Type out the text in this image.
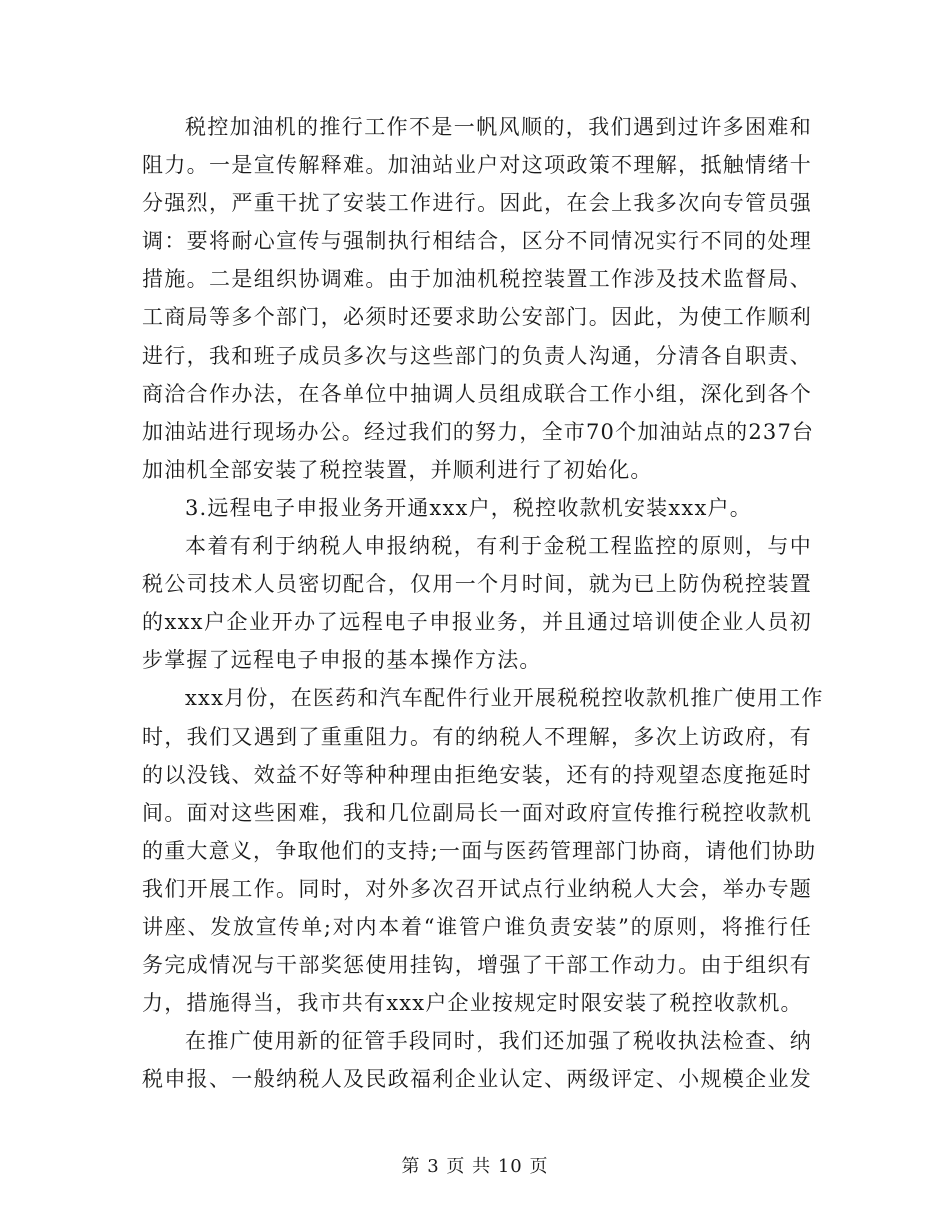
税控加油机的推行工作不是一帆风顺的，我们遇到过许多困难和
阻力。一是宣传解释难。加油站业户对这项政策不理解，抵触情绪十
分强烈，严重干扰了安装工作进行。因此，在会上我多次向专管员强
调：要将耐心宣传与强制执行相结合，区分不同情况实行不同的处理
措施。二是组织协调难。由于加油机税控装置工作涉及技术监督局、
工商局等多个部门，必须时还要求助公安部门。因此，为使工作顺利
进行，我和班子成员多次与这些部门的负责人沟通，分清各自职责、
商洽合作办法，在各单位中抽调人员组成联合工作小组，深化到各个
加油站进行现场办公。经过我们的努力，全市70个加油站点的237台
加油机全部安装了税控装置，并顺利进行了初始化。
3.远程电子申报业务开通xxx户，税控收款机安装xxx户。
本着有利于纳税人申报纳税，有利于金税工程监控的原则，与中
税公司技术人员密切配合，仅用一个月时间，就为已上防伪税控装置
的xxx户企业开办了远程电子申报业务，并且通过培训使企业人员初
步掌握了远程电子申报的基本操作方法。
xxx月份，在医药和汽车配件行业开展税税控收款机推广使用工作
时，我们又遇到了重重阻力。有的纳税人不理解，多次上访政府，有
的以没钱、效益不好等种种理由拒绝安装，还有的持观望态度拖延时
间。面对这些困难，我和几位副局长一面对政府宣传推行税控收款机
的重大意义，争取他们的支持;一面与医药管理部门协商，请他们协助
我们开展工作。同时，对外多次召开试点行业纳税人大会，举办专题
讲座、发放宣传单;对内本着“谁管户谁负责安装”的原则，将推行任
务完成情况与干部奖惩使用挂钩，增强了干部工作动力。由于组织有
力，措施得当，我市共有xxx户企业按规定时限安装了税控收款机。
在推广使用新的征管手段同时，我们还加强了税收执法检查、纳
税申报、一般纳税人及民政福利企业认定、两级评定、小规模企业发
第 3 页 共 10 页
